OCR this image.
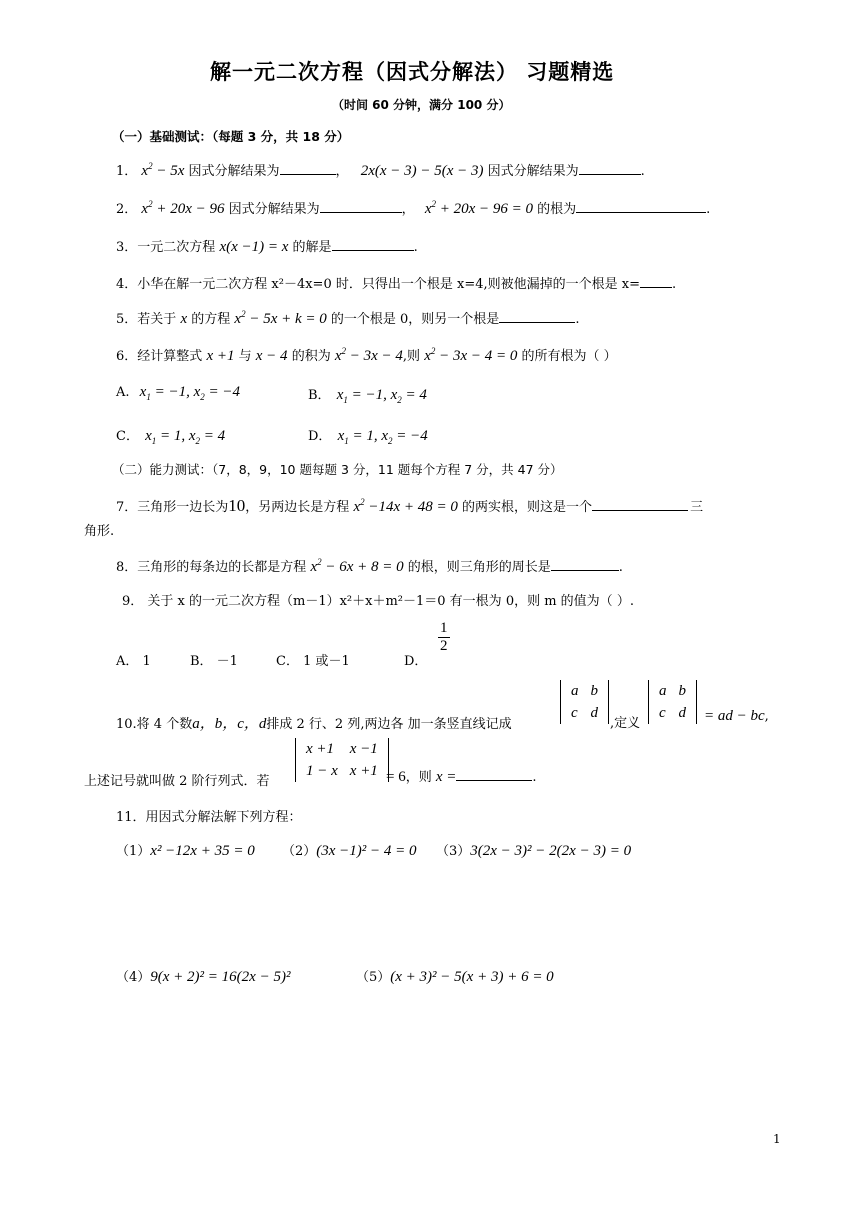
解一元二次方程（因式分解法） 习题精选
（时间 60 分钟，满分 100 分）
（一）基础测试：（每题 3 分，共 18 分）
1． $x^2 - 5x$ 因式分解结果为	， 2x(x − 3) − 5(x − 3) 因式分解结果为	.
2． $x^2 + 20x - 96$ 因式分解结果为	， $x^2 + 20x - 96 = 0$ 的根为	.
3．一元二次方程 x(x −1) = x 的解是	.
4．小华在解一元二次方程 x²－4x=0 时．只得出一个根是 x=4,则被他漏掉的一个根是 x= .
5．若关于 x 的方程 $x^2 - 5x + k = 0$ 的一个根是 0，则另一个根是	.
6．经计算整式 x +1 与 x − 4 的积为 $x^2 - 3x - 4$,则 $x^2 - 3x - 4 = 0$ 的所有根为（ ）
A. $x_1 = -1$, $x_2 = -4$	B． $x_1 = -1$, $x_2 = 4$
C． $x_1 = 1$, $x_2 = 4$	D． $x_1 = 1$, $x_2 = -4$
（二）能力测试：（7，8，9，10 题每题 3 分，11 题每个方程 7 分，共 47 分）
7．三角形一边长为10，另两边长是方程 $x^2 -14x + 48 = 0$ 的两实根，则这是一个	三
角形.
8．三角形的每条边的长都是方程 $x^2 - 6x + 8 = 0$ 的根，则三角形的周长是	.
9． 关于 x 的一元二次方程（m－1）x²＋x＋m²－1＝0 有一根为 0，则 m 的值为（ ）.
A． 1	B． －1	C． 1 或－1	D．
$\frac{1}{2}$
10.将 4 个数a，b，c，d排成 2 行、2 列,两边各 加一条竖直线记成
a	b
c	d
,定义
a	b
c	d = ad − bc,
上述记号就叫做 2 阶行列式．若
x +1	x −1
1 − x	x +1 = 6，则 x =	.
11．用因式分解法解下列方程：
（1）x² −12x + 35 = 0 （2）(3x −1)² − 4 = 0 （3）3(2x − 3)² − 2(2x − 3) = 0
（4）9(x + 2)² = 16(2x − 5)²	（5）(x + 3)² − 5(x + 3) + 6 = 0
1
